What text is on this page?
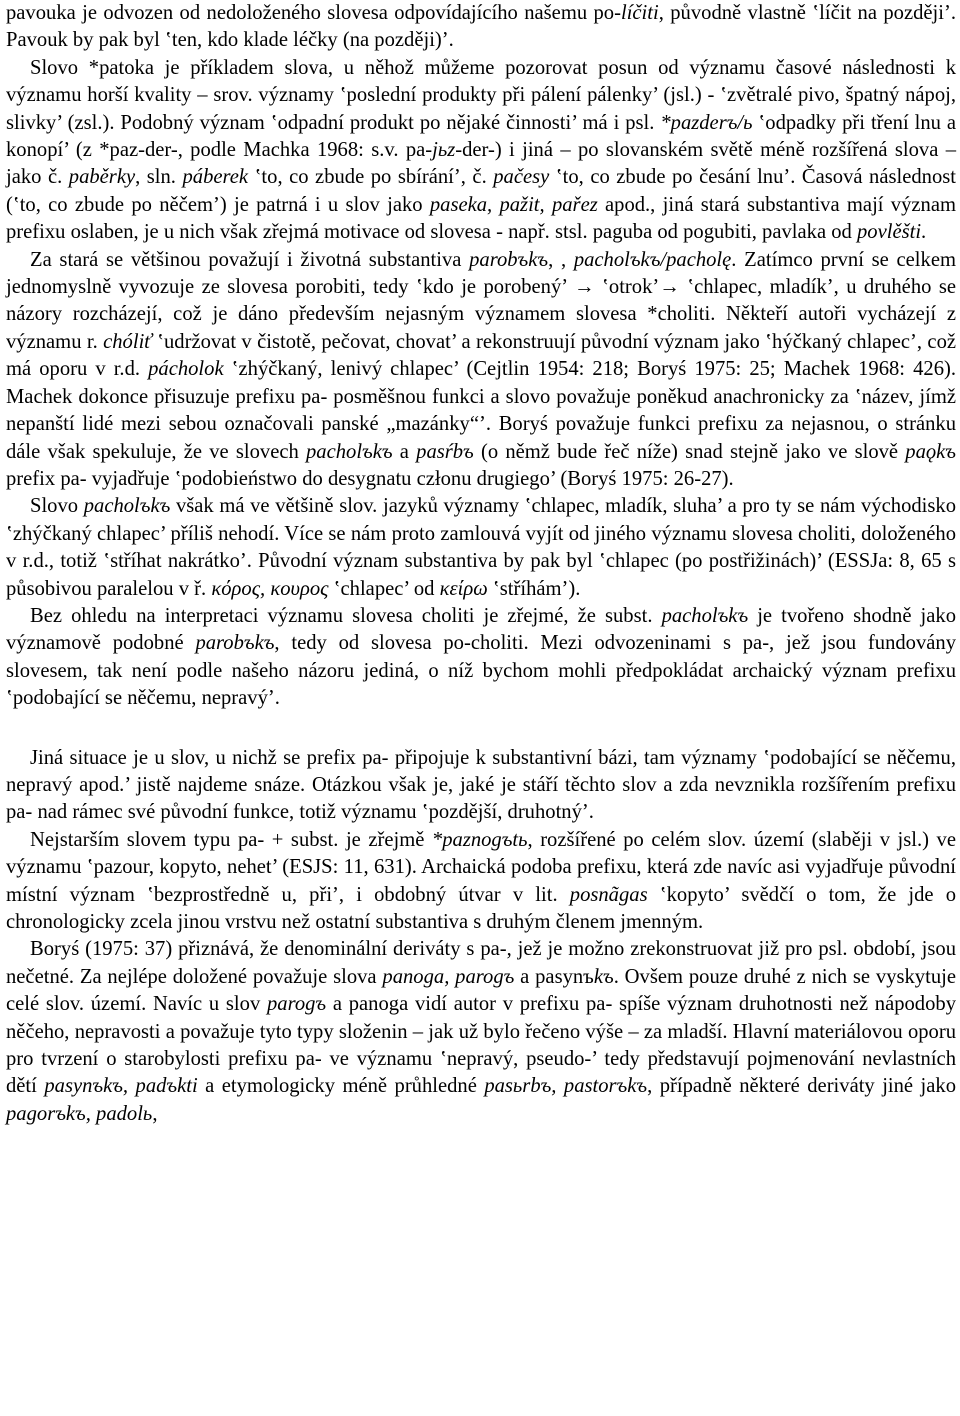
pavouka je odvozen od nedoloženého slovesa odpovídajícího našemu po-líčiti, původně vlastně ‛líčit na později’. Pavouk by pak byl ‛ten, kdo klade léčky (na později)’.

Slovo *patoka je příkladem slova, u něhož můžeme pozorovat posun od významu časové následnosti k významu horší kvality – srov. významy ‛poslední produkty při pálení pálenky’ (jsl.) - ‛zvětralé pivo, špatný nápoj, slivky’ (zsl.). Podobný význam ‛odpadní produkt po nějaké činnosti’ má i psl. *pazderъ/ь ‛odpadky při tření lnu a konopí’ (z *paz-der-, podle Machka 1968: s.v. pa-jьz-der-) i jiná – po slovanském světě méně rozšířená slova – jako č. paběrky, sln. páberek ‛to, co zbude po sbírání’, č. pačesy ‛to, co zbude po česání lnu’. Časová následnost (‛to, co zbude po něčem’) je patrná i u slov jako paseka, pažit, pařez apod., jiná stará substantiva mají význam prefixu oslaben, je u nich však zřejmá motivace od slovesa - např. stsl. paguba od pogubiti, pavlaka od povlěšti.

Za stará se většinou považují i životná substantiva parobъkъ, , pacholъkъ/pacholę. Zatímco první se celkem jednomyslně vyvozuje ze slovesa porobiti, tedy ‛kdo je porobený’ → ‛otrok’→ ‛chlapec, mladík’, u druhého se názory rozcházejí, což je dáno především nejasným významem slovesa *choliti. Někteří autoři vycházejí z významu r. chóliť ‛udržovat v čistotě, pečovat, chovat’ a rekonstruují původní význam jako ‛hýčkaný chlapec’, což má oporu v r.d. pácholok ‛zhýčkaný, lenivý chlapec’ (Cejtlin 1954: 218; Boryś 1975: 25; Machek 1968: 426). Machek dokonce přisuzuje prefixu pa- posměšnou funkci a slovo považuje poněkud anachronicky za ‛název, jímž nepanští lidé mezi sebou označovali panské „mazánky“’. Boryś považuje funkci prefixu za nejasnou, o stránku dále však spekuluje, že ve slovech pacholъkъ a pasŕbъ (o němž bude řeč níže) snad stejně jako ve slově paǫkъ prefix pa- vyjadřuje ‛podobieństwo do desygnatu członu drugiego’ (Boryś 1975: 26-27).

Slovo pacholъkъ však má ve většině slov. jazyků významy ‛chlapec, mladík, sluha’ a pro ty se nám východisko ‛zhýčkaný chlapec’ příliš nehodí. Více se nám proto zamlouvá vyjít od jiného významu slovesa choliti, doloženého v r.d., totiž ‛stříhat nakrátko’. Původní význam substantiva by pak byl ‛chlapec (po postřižinách)’ (ESSJa: 8, 65 s působivou paralelou v ř. κόρος, κουρος ‛chlapec’ od κείρω ‛stříhám’).

Bez ohledu na interpretaci významu slovesa choliti je zřejmé, že subst. pacholъkъ je tvořeno shodně jako významově podobné parobъkъ, tedy od slovesa po-choliti. Mezi odvozeninami s pa-, jež jsou fundovány slovesem, tak není podle našeho názoru jediná, o níž bychom mohli předpokládat archaický význam prefixu ‛podobající se něčemu, nepravý’.

Jiná situace je u slov, u nichž se prefix pa- připojuje k substantivní bázi, tam významy ‛podobající se něčemu, nepravý apod.’ jistě najdeme snáze. Otázkou však je, jaké je stáří těchto slov a zda nevznikla rozšířením prefixu pa- nad rámec své původní funkce, totiž významu ‛pozdější, druhotný’.

Nejstarším slovem typu pa- + subst. je zřejmě *paznogъtь, rozšířené po celém slov. území (slaběji v jsl.) ve významu ‛pazour, kopyto, nehet’ (ESJS: 11, 631). Archaická podoba prefixu, která zde navíc asi vyjadřuje původní místní význam ‛bezprostředně u, při’, i obdobný útvar v lit. posnãgas ‛kopyto’ svědčí o tom, že jde o chronologicky zcela jinou vrstvu než ostatní substantiva s druhým členem jmenným.

Boryś (1975: 37) přiznává, že denominální deriváty s pa-, jež je možno zrekonstruovat již pro psl. období, jsou nečetné. Za nejlépe doložené považuje slova panoga, parogъ a pasynъkъ. Ovšem pouze druhé z nich se vyskytuje celé slov. území. Navíc u slov parogъ a panoga vidí autor v prefixu pa- spíše význam druhotnosti než nápodoby něčeho, nepravosti a považuje tyto typy složenin – jak už bylo řečeno výše – za mladší. Hlavní materiálovou oporu pro tvrzení o starobylosti prefixu pa- ve významu ‛nepravý, pseudo-’ tedy představují pojmenování nevlastních dětí pasynъkъ, padъkti a etymologicky méně průhledné pasьrbъ, pastorъkъ, případně některé deriváty jiné jako pagorъkъ, padolь,
